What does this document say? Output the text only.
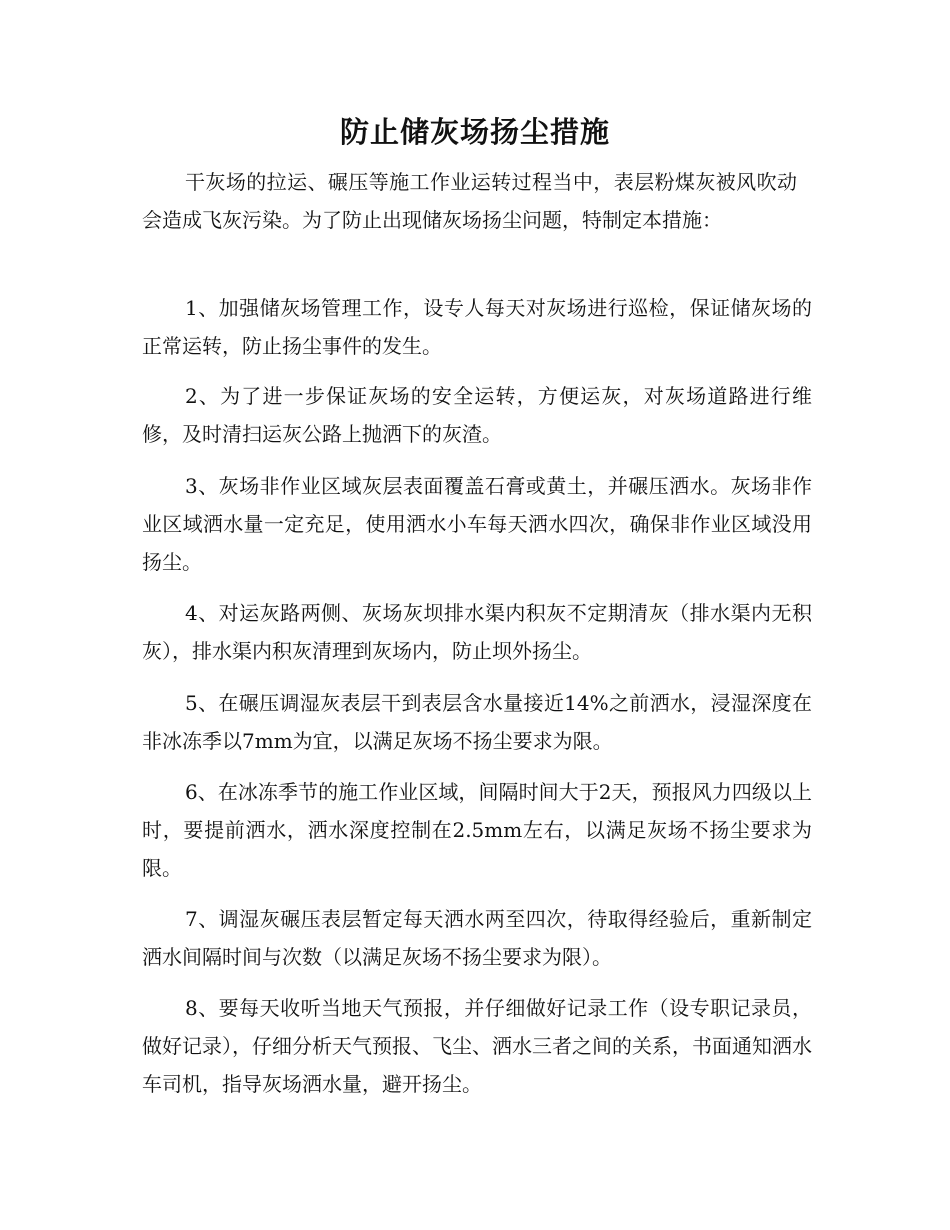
防止储灰场扬尘措施

干灰场的拉运、碾压等施工作业运转过程当中，表层粉煤灰被风吹动会造成飞灰污染。为了防止出现储灰场扬尘问题，特制定本措施：

1、加强储灰场管理工作，设专人每天对灰场进行巡检，保证储灰场的正常运转，防止扬尘事件的发生。

2、为了进一步保证灰场的安全运转，方便运灰，对灰场道路进行维修，及时清扫运灰公路上抛洒下的灰渣。

3、灰场非作业区域灰层表面覆盖石膏或黄土，并碾压洒水。灰场非作业区域洒水量一定充足，使用洒水小车每天洒水四次，确保非作业区域没用扬尘。

4、对运灰路两侧、灰场灰坝排水渠内积灰不定期清灰（排水渠内无积灰），排水渠内积灰清理到灰场内，防止坝外扬尘。

5、在碾压调湿灰表层干到表层含水量接近14%之前洒水，浸湿深度在非冰冻季以7mm为宜，以满足灰场不扬尘要求为限。

6、在冰冻季节的施工作业区域，间隔时间大于2天，预报风力四级以上时，要提前洒水，洒水深度控制在2.5mm左右，以满足灰场不扬尘要求为限。

7、调湿灰碾压表层暂定每天洒水两至四次，待取得经验后，重新制定洒水间隔时间与次数（以满足灰场不扬尘要求为限）。

8、要每天收听当地天气预报，并仔细做好记录工作（设专职记录员，做好记录），仔细分析天气预报、飞尘、洒水三者之间的关系，书面通知洒水车司机，指导灰场洒水量，避开扬尘。
